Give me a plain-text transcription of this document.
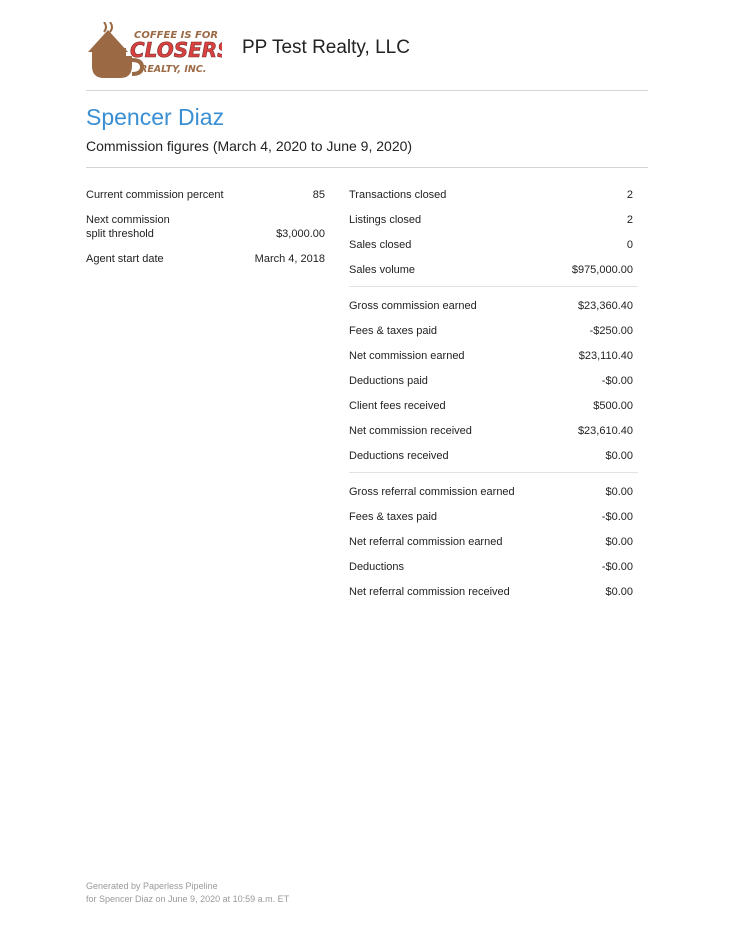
COFFEE IS FOR
CLOSERS
REALTY, INC.
PP Test Realty, LLC
Spencer Diaz
Commission figures (March 4, 2020 to June 9, 2020)
Current commission percent	85
Next commission split threshold	$3,000.00
Agent start date	March 4, 2018
Transactions closed	2
Listings closed	2
Sales closed	0
Sales volume	$975,000.00
Gross commission earned	$23,360.40
Fees & taxes paid	-$250.00
Net commission earned	$23,110.40
Deductions paid	-$0.00
Client fees received	$500.00
Net commission received	$23,610.40
Deductions received	$0.00
Gross referral commission earned	$0.00
Fees & taxes paid	-$0.00
Net referral commission earned	$0.00
Deductions	-$0.00
Net referral commission received	$0.00
Generated by Paperless Pipeline
for Spencer Diaz on June 9, 2020 at 10:59 a.m. ET
